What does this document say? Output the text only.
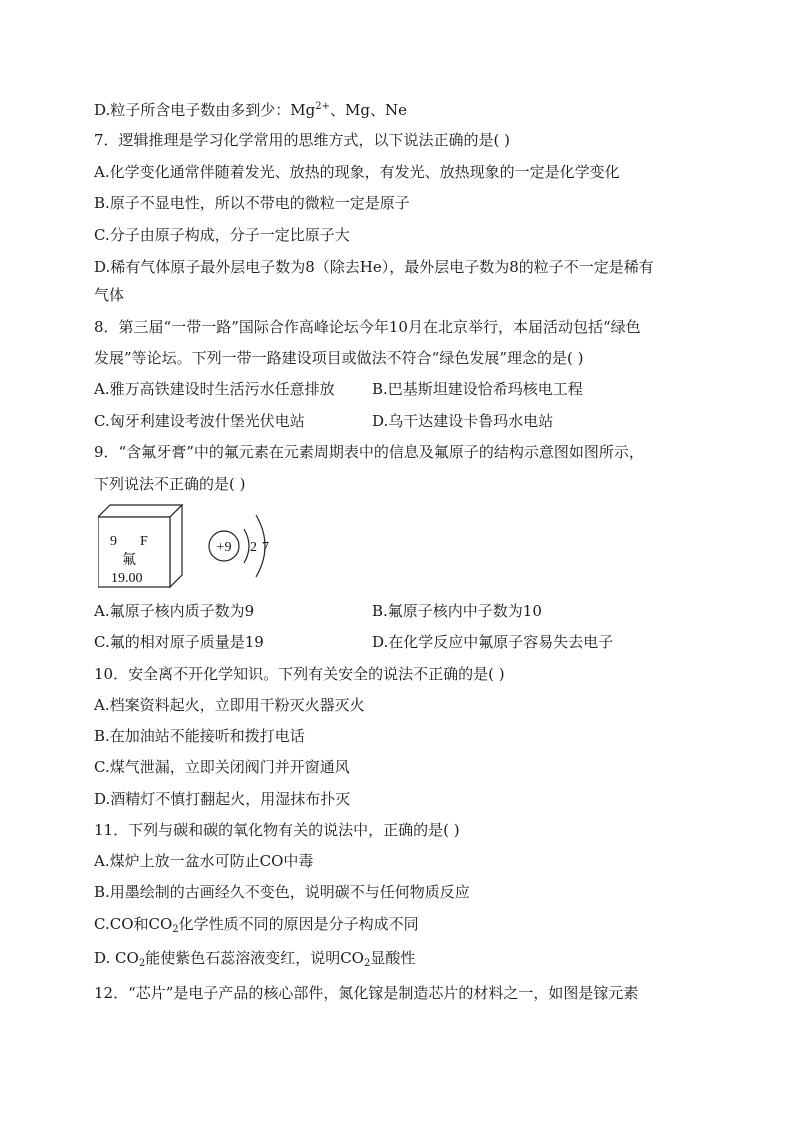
D.粒子所含电子数由多到少：$Mg^{2+}$、Mg、Ne
7．逻辑推理是学习化学常用的思维方式，以下说法正确的是( )
A.化学变化通常伴随着发光、放热的现象，有发光、放热现象的一定是化学变化
B.原子不显电性，所以不带电的微粒一定是原子
C.分子由原子构成，分子一定比原子大
D.稀有气体原子最外层电子数为8（除去He），最外层电子数为8的粒子不一定是稀有
气体
8．第三届“一带一路”国际合作高峰论坛今年10月在北京举行，本届活动包括“绿色
发展”等论坛。下列一带一路建设项目或做法不符合“绿色发展”理念的是( )
A.雅万高铁建设时生活污水任意排放 B.巴基斯坦建设恰希玛核电工程
C.匈牙利建设考波什堡光伏电站	D.乌干达建设卡鲁玛水电站
9．“含氟牙膏”中的氟元素在元素周期表中的信息及氟原子的结构示意图如图所示，
下列说法不正确的是( )
9 F
氟
19.00
+9 2 7
A.氟原子核内质子数为9	B.氟原子核内中子数为10
C.氟的相对原子质量是19	D.在化学反应中氟原子容易失去电子
10．安全离不开化学知识。下列有关安全的说法不正确的是( )
A.档案资料起火，立即用干粉灭火器灭火
B.在加油站不能接听和拨打电话
C.煤气泄漏，立即关闭阀门并开窗通风
D.酒精灯不慎打翻起火，用湿抹布扑灭
11．下列与碳和碳的氧化物有关的说法中，正确的是( )
A.煤炉上放一盆水可防止CO中毒
B.用墨绘制的古画经久不变色，说明碳不与任何物质反应
C.CO和$CO_2$化学性质不同的原因是分子构成不同
D. $CO_2$能使紫色石蕊溶液变红，说明$CO_2$显酸性
12．“芯片”是电子产品的核心部件，氮化镓是制造芯片的材料之一，如图是镓元素
